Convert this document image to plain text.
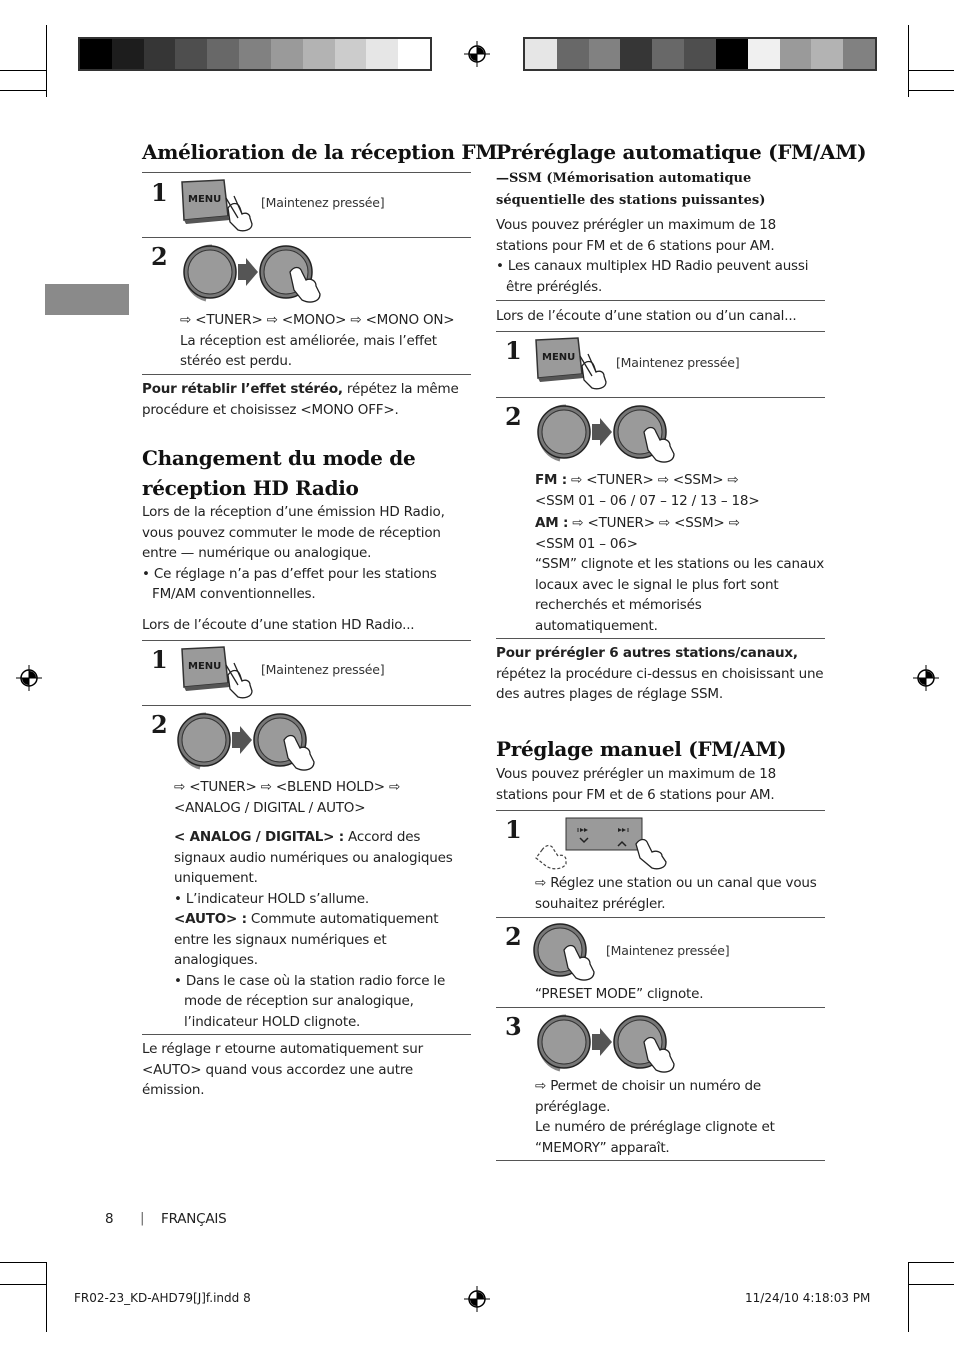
Amélioration de la réception FM
1 MENU	[Maintenez pressée]
2
⇨ <TUNER> ⇨ <MONO> ⇨ <MONO ON>
La réception est améliorée, mais l’effet stéréo est perdu.
Pour rétablir l’effet stéréo, répétez la même procédure et choisissez <MONO OFF>.
Changement du mode de
réception HD Radio
Lors de la réception d’une émission HD Radio, vous pouvez commuter le mode de réception entre — numérique ou analogique.
• Ce réglage n’a pas d’effet pour les stations FM/AM conventionnelles.
Lors de l’écoute d’une station HD Radio...
1 MENU	[Maintenez pressée]
2
⇨ <TUNER> ⇨ <BLEND HOLD> ⇨
<ANALOG / DIGITAL / AUTO>
< ANALOG / DIGITAL> : Accord des signaux audio numériques ou analogiques uniquement.
• L’indicateur HOLD s’allume.
<AUTO> : Commute automatiquement entre les signaux numériques et analogiques.
• Dans le case où la station radio force le mode de réception sur analogique, l’indicateur HOLD clignote.
Le réglage r etourne automatiquement sur <AUTO> quand vous accordez une autre émission.
Préréglage automatique (FM/AM)
—SSM (Mémorisation automatique
séquentielle des stations puissantes)
Vous pouvez prérégler un maximum de 18 stations pour FM et de 6 stations pour AM.
• Les canaux multiplex HD Radio peuvent aussi être préréglés.
Lors de l’écoute d’une station ou d’un canal...
1 MENU	[Maintenez pressée]
2
FM : ⇨ <TUNER> ⇨ <SSM> ⇨
<SSM 01 – 06 / 07 – 12 / 13 – 18>
AM : ⇨ <TUNER> ⇨ <SSM> ⇨
<SSM 01 – 06>
“SSM” clignote et les stations ou les canaux locaux avec le signal le plus fort sont recherchés et mémorisés automatiquement.
Pour prérégler 6 autres stations/canaux,
répétez la procédure ci-dessus en choisissant une des autres plages de réglage SSM.
Préglage manuel (FM/AM)
Vous pouvez prérégler un maximum de 18 stations pour FM et de 6 stations pour AM.
1
⇨ Réglez une station ou un canal que vous souhaitez prérégler.
2	[Maintenez pressée]
“PRESET MODE” clignote.
3
⇨ Permet de choisir un numéro de préréglage.
Le numéro de préréglage clignote et “MEMORY” apparaît.
8 | FRANÇAIS
FR02-23_KD-AHD79[J]f.indd 8	11/24/10 4:18:03 PM
